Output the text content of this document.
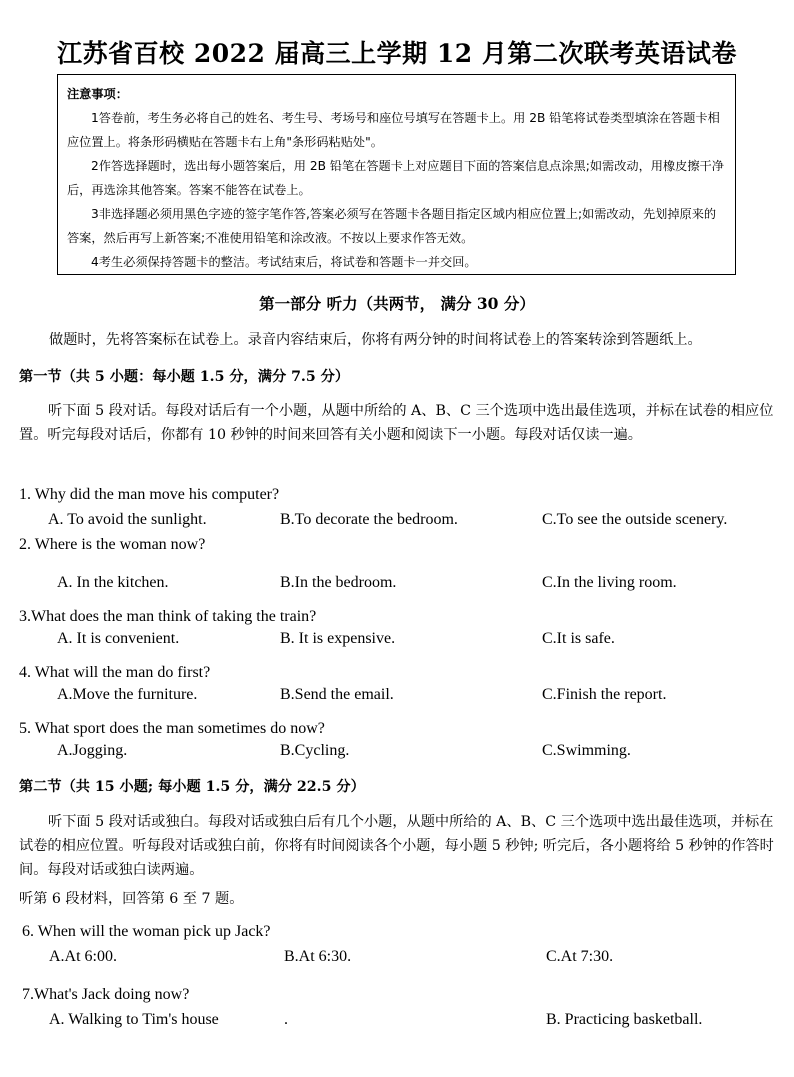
江苏省百校 2022 届高三上学期 12 月第二次联考英语试卷
注意事项：

1答卷前，考生务必将自己的姓名、考生号、考场号和座位号填写在答题卡上。用 2B 铅笔将试卷类型填涂在答题卡相应位置上。将条形码横贴在答题卡右上角"条形码粘贴处"。

2作答选择题时，选出每小题答案后，用 2B 铅笔在答题卡上对应题目下面的答案信息点涂黑;如需改动，用橡皮擦干净后，再选涂其他答案。答案不能答在试卷上。

3非选择题必须用黑色字迹的签字笔作答,答案必须写在答题卡各题目指定区域内相应位置上;如需改动，先划掉原来的答案，然后再写上新答案;不准使用铅笔和涂改液。不按以上要求作答无效。

4考生必须保持答题卡的整洁。考试结束后，将试卷和答题卡一并交回。

第一部分 听力（共两节， 满分 30 分）
做题时，先将答案标在试卷上。录音内容结束后，你将有两分钟的时间将试卷上的答案转涂到答题纸上。
第一节（共 5 小题：每小题 1.5 分，满分 7.5 分）

听下面 5 段对话。每段对话后有一个小题，从题中所给的 A、B、C 三个选项中选出最佳选项，并标在试卷的相应位置。听完每段对话后，你都有 10 秒钟的时间来回答有关小题和阅读下一小题。每段对话仅读一遍。

1. Why did the man move his computer?
A. To avoid the sunlight.	B.To decorate the bedroom.	C.To see the outside scenery.
2. Where is the woman now?
A. In the kitchen.	B.In the bedroom.	C.In the living room.
3.What does the man think of taking the train?
A. It is convenient.	B. It is expensive.	C.It is safe.
4. What will the man do first?
A.Move the furniture.	B.Send the email.	C.Finish the report.
5. What sport does the man sometimes do now?
A.Jogging.	B.Cycling.	C.Swimming.
第二节（共 15 小题; 每小题 1.5 分，满分 22.5 分）

听下面 5 段对话或独白。每段对话或独白后有几个小题，从题中所给的 A、B、C 三个选项中选出最佳选项，并标在试卷的相应位置。听每段对话或独白前，你将有时间阅读各个小题，每小题 5 秒钟; 听完后，各小题将给 5 秒钟的作答时间。每段对话或独白读两遍。

听第 6 段材料，回答第 6 至 7 题。
6. When will the woman pick up Jack?
A.At 6:00.	B.At 6:30.	C.At 7:30.
7.What's Jack doing now?
A. Walking to Tim's house	.	B. Practicing basketball.
